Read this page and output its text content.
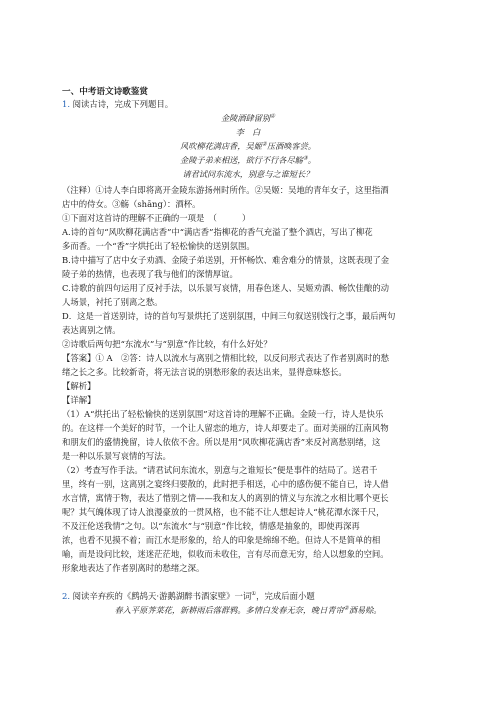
一、中考语文诗歌鉴赏
1. 阅读古诗，完成下列题目。
金陵酒肆留别①
李　白
风吹柳花满店香，吴姬②压酒唤客尝。
金陵子弟来相送，欲行不行各尽觞③。
请君试问东流水，别意与之谁短长？
（注释）①诗人李白即将离开金陵东游扬州时所作。②吴姬：吴地的青年女子，这里指酒
店中的侍女。③觞（shāng）：酒杯。
①下面对这首诗的理解不正确的一项是　（　　　）
A.诗的首句“风吹柳花满店香”中“满店香”指柳花的香气充溢了整个酒店，写出了柳花
多而香。一个“香”字烘托出了轻松愉快的送别氛围。
B.诗中描写了店中女子劝酒、金陵子弟送别，开怀畅饮、难舍难分的情景，这既表现了金
陵子弟的热情，也表现了我与他们的深情厚谊。
C.诗歌的前四句运用了反衬手法，以乐景写哀情，用春色迷人、吴姬劝酒、畅饮佳酿的动
人场景，衬托了别离之愁。
D．这是一首送别诗，诗的首句写景烘托了送别氛围，中间三句叙送别饯行之事，最后两句
表达离别之情。
②诗歌后两句把“东流水”与“别意”作比较，有什么好处？
【答案】① A　②答：诗人以流水与离别之情相比较，以反问形式表达了作者别离时的愁
绪之长之多。比较新奇，将无法言说的别愁形象的表达出来，显得意味悠长。
【解析】
【详解】
（1）A“烘托出了轻松愉快的送别氛围”对这首诗的理解不正确。金陵一行，诗人是快乐
的。在这样一个美好的时节，一个让人留恋的地方，诗人却要走了。面对美丽的江南风物
和朋友们的盛情挽留，诗人依依不舍。所以是用“风吹柳花满店香”来反衬离愁别绪，这
是一种以乐景写哀情的写法。
（2）考查写作手法。“请君试问东流水，别意与之谁短长”便是事件的结局了。送君千
里，终有一别，这离别之宴终归要散的，此时把手相送，心中的感伤便不能自已，诗人借
水言情，寓情于物，表达了惜别之情——我和友人的离别的情义与东流之水相比哪个更长
呢？其气魄体现了诗人浪漫豪放的一贯风格，也不能不让人想起诗人“桃花潭水深千尺，
不及汪伦送我情”之句。以“东流水”与“别意”作比较，情感是抽象的，即使再深再
浓，也看不见摸不着；而江水是形象的，给人的印象是绵绵不绝。但诗人不是简单的相
喻，而是设问比较，迷迷茫茫地，似收而未收住，言有尽而意无穷，给人以想象的空间。
形象地表达了作者别离时的愁绪之深。
2. 阅读辛弃疾的《鹧鸪天·游鹅湖醉书酒家壁》一词①，完成后面小题
春入平原荠菜花，新耕雨后落群鸦。多情白发春无奈，晚日青帘②酒易赊。
